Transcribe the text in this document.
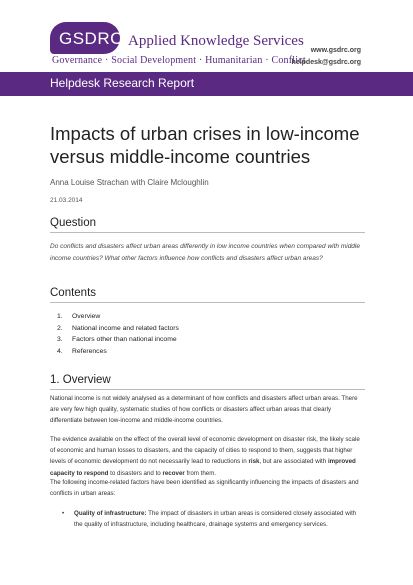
GSDRC Applied Knowledge Services
Governance · Social Development · Humanitarian · Conflict
www.gsdrc.org
helpdesk@gsdrc.org
Helpdesk Research Report
Impacts of urban crises in low-income versus middle-income countries
Anna Louise Strachan with Claire Mcloughlin
21.03.2014
Question
Do conflicts and disasters affect urban areas differently in low income countries when compared with middle income countries? What other factors influence how conflicts and disasters affect urban areas?
Contents
1.	Overview
2.	National income and related factors
3.	Factors other than national income
4.	References
1. Overview

National income is not widely analysed as a determinant of how conflicts and disasters affect urban areas. There are very few high quality, systematic studies of how conflicts or disasters affect urban areas that clearly differentiate between low-income and middle-income countries.

The evidence available on the effect of the overall level of economic development on disaster risk, the likely scale of economic and human losses to disasters, and the capacity of cities to respond to them, suggests that higher levels of economic development do not necessarily lead to reductions in risk, but are associated with improved capacity to respond to disasters and to recover from them.

The following income-related factors have been identified as significantly influencing the impacts of disasters and conflicts in urban areas:

•	Quality of infrastructure: The impact of disasters in urban areas is considered closely associated with the quality of infrastructure, including healthcare, drainage systems and emergency services.
